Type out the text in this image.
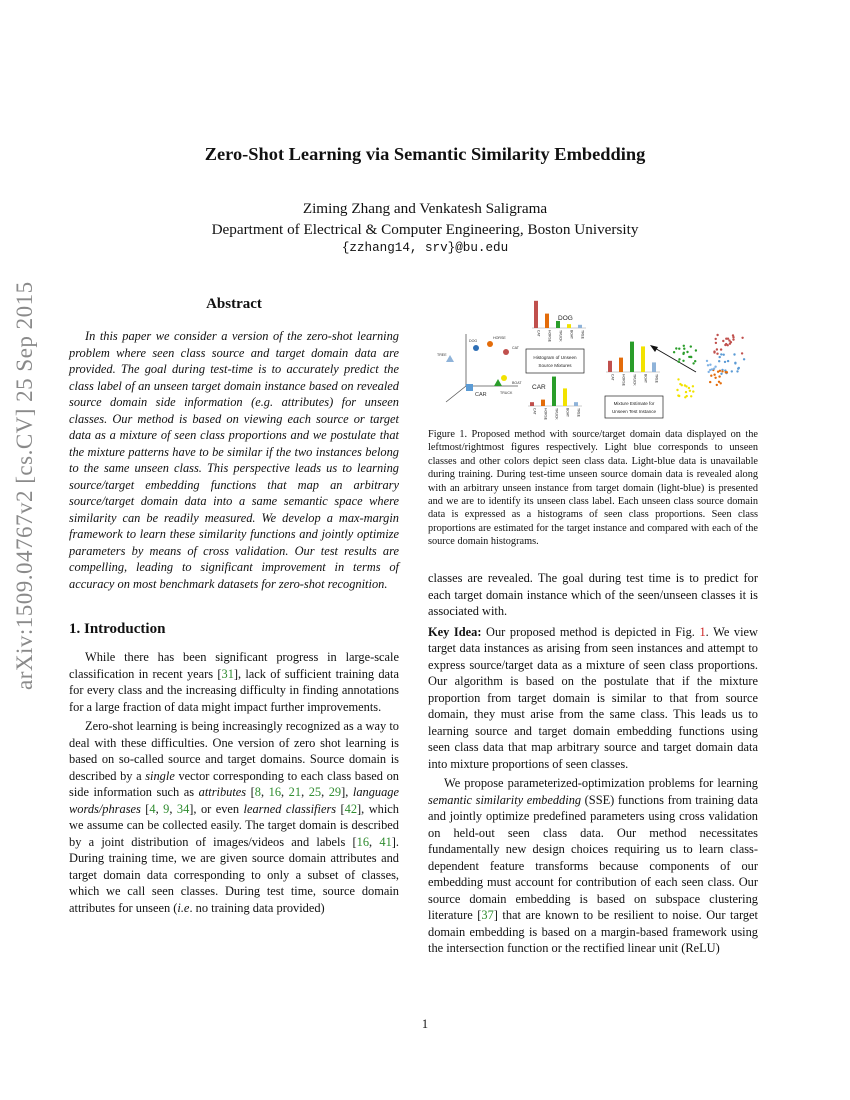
Zero-Shot Learning via Semantic Similarity Embedding
Ziming Zhang and Venkatesh Saligrama
Department of Electrical & Computer Engineering, Boston University
{zzhang14, srv}@bu.edu
arXiv:1509.04767v2 [cs.CV] 25 Sep 2015	Abstract

In this paper we consider a version of the zero-shot learning problem where seen class source and target domain data are provided. The goal during test-time is to accurately predict the class label of an unseen target domain instance based on revealed source domain side information (e.g. attributes) for unseen classes. Our method is based on viewing each source or target data as a mixture of seen class proportions and we postulate that the mixture patterns have to be similar if the two instances belong to the same unseen class. This perspective leads us to learning source/target embedding functions that map an arbitrary source/target domain data into a same semantic space where similarity can be readily measured. We develop a max-margin framework to learn these similarity functions and jointly optimize parameters by means of cross validation. Our test results are compelling, leading to significant improvement in terms of accuracy on most benchmark datasets for zero-shot recognition.

1. Introduction

While there has been significant progress in large-scale classification in recent years [31], lack of sufficient training data for every class and the increasing difficulty in finding annotations for a large fraction of data might impact further improvements.

Zero-shot learning is being increasingly recognized as a way to deal with these difficulties. One version of zero shot learning is based on so-called source and target domains. Source domain is described by a single vector corresponding to each class based on side information such as attributes [8, 16, 21, 25, 29], language words/phrases [4, 9, 34], or even learned classifiers [42], which we assume can be collected easily. The target domain is described by a joint distribution of images/videos and labels [16, 41]. During training time, we are given source domain attributes and target domain data corresponding to only a subset of classes, which we call seen classes. During test time, source domain attributes for unseen (i.e. no training data provided)

DOG
HORSE
CAT
TREE
BOAT
TRUCK
CAR
CAT HORSE TRUCK BOAT TREE
DOG
CAT HORSE TRUCK BOAT TREE
CAR
CAT HORSE TRUCK BOAT TREE
Histogram of Unseen
Source Mixtures
Mixture Estimate for
Unseen Test Instance
Figure 1. Proposed method with source/target domain data displayed on the leftmost/rightmost figures respectively. Light blue corresponds to unseen classes and other colors depict seen class data. Light-blue data is unavailable during training. During test-time unseen source domain data is revealed along with an arbitrary unseen instance from target domain (light-blue) is presented and we are to identify its unseen class label. Each unseen class source domain data is expressed as a histograms of seen class proportions. Seen class proportions are estimated for the target instance and compared with each of the source domain histograms.

classes are revealed. The goal during test time is to predict for each target domain instance which of the seen/unseen classes it is associated with.

Key Idea: Our proposed method is depicted in Fig. 1. We view target data instances as arising from seen instances and attempt to express source/target data as a mixture of seen class proportions. Our algorithm is based on the postulate that if the mixture proportion from target domain is similar to that from source domain, they must arise from the same class. This leads us to learning source and target domain embedding functions using seen class data that map arbitrary source and target domain data into mixture proportions of seen classes.

We propose parameterized-optimization problems for learning semantic similarity embedding (SSE) functions from training data and jointly optimize predefined parameters using cross validation on held-out seen class data. Our method necessitates fundamentally new design choices requiring us to learn class-dependent feature transforms because components of our embedding must account for contribution of each seen class. Our source domain embedding is based on subspace clustering literature [37] that are known to be resilient to noise. Our target domain embedding is based on a margin-based framework using the intersection function or the rectified linear unit (ReLU)

1
